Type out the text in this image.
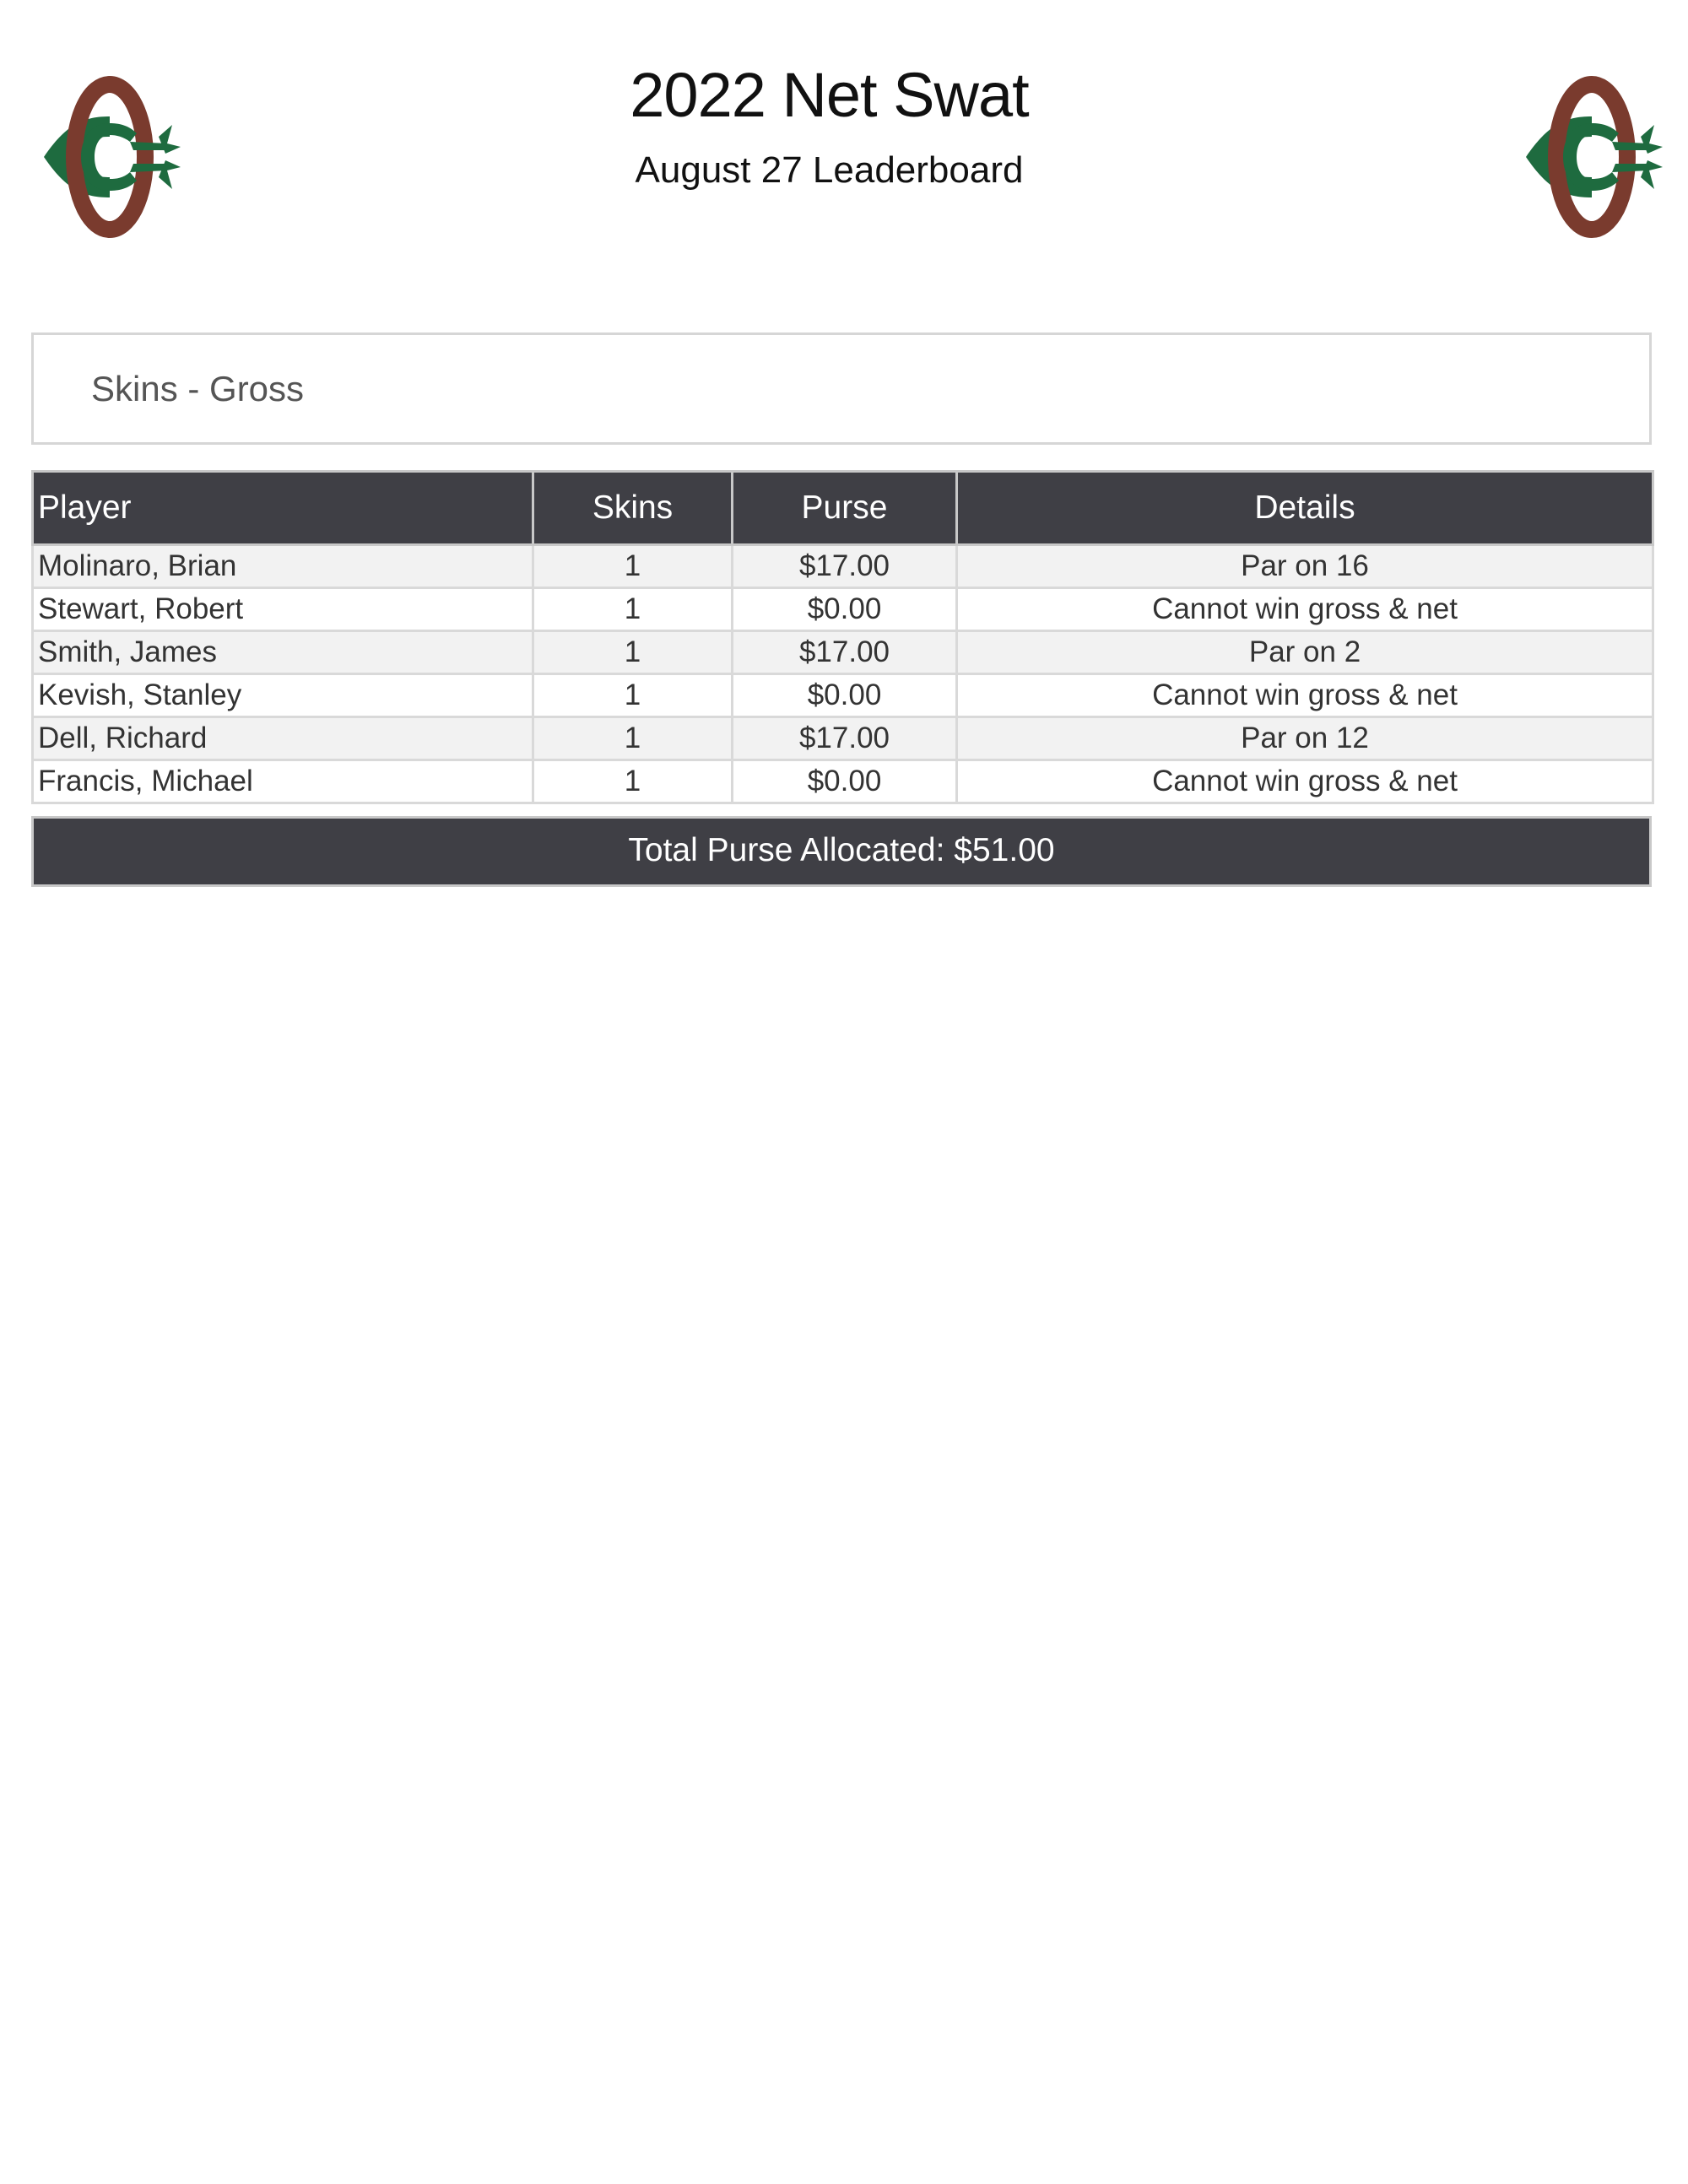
2022 Net Swat
August 27 Leaderboard
Skins - Gross
Player	Skins	Purse	Details
Molinaro, Brian	1	$17.00	Par on 16
Stewart, Robert	1	$0.00	Cannot win gross & net
Smith, James	1	$17.00	Par on 2
Kevish, Stanley	1	$0.00	Cannot win gross & net
Dell, Richard	1	$17.00	Par on 12
Francis, Michael	1	$0.00	Cannot win gross & net
Total Purse Allocated: $51.00
